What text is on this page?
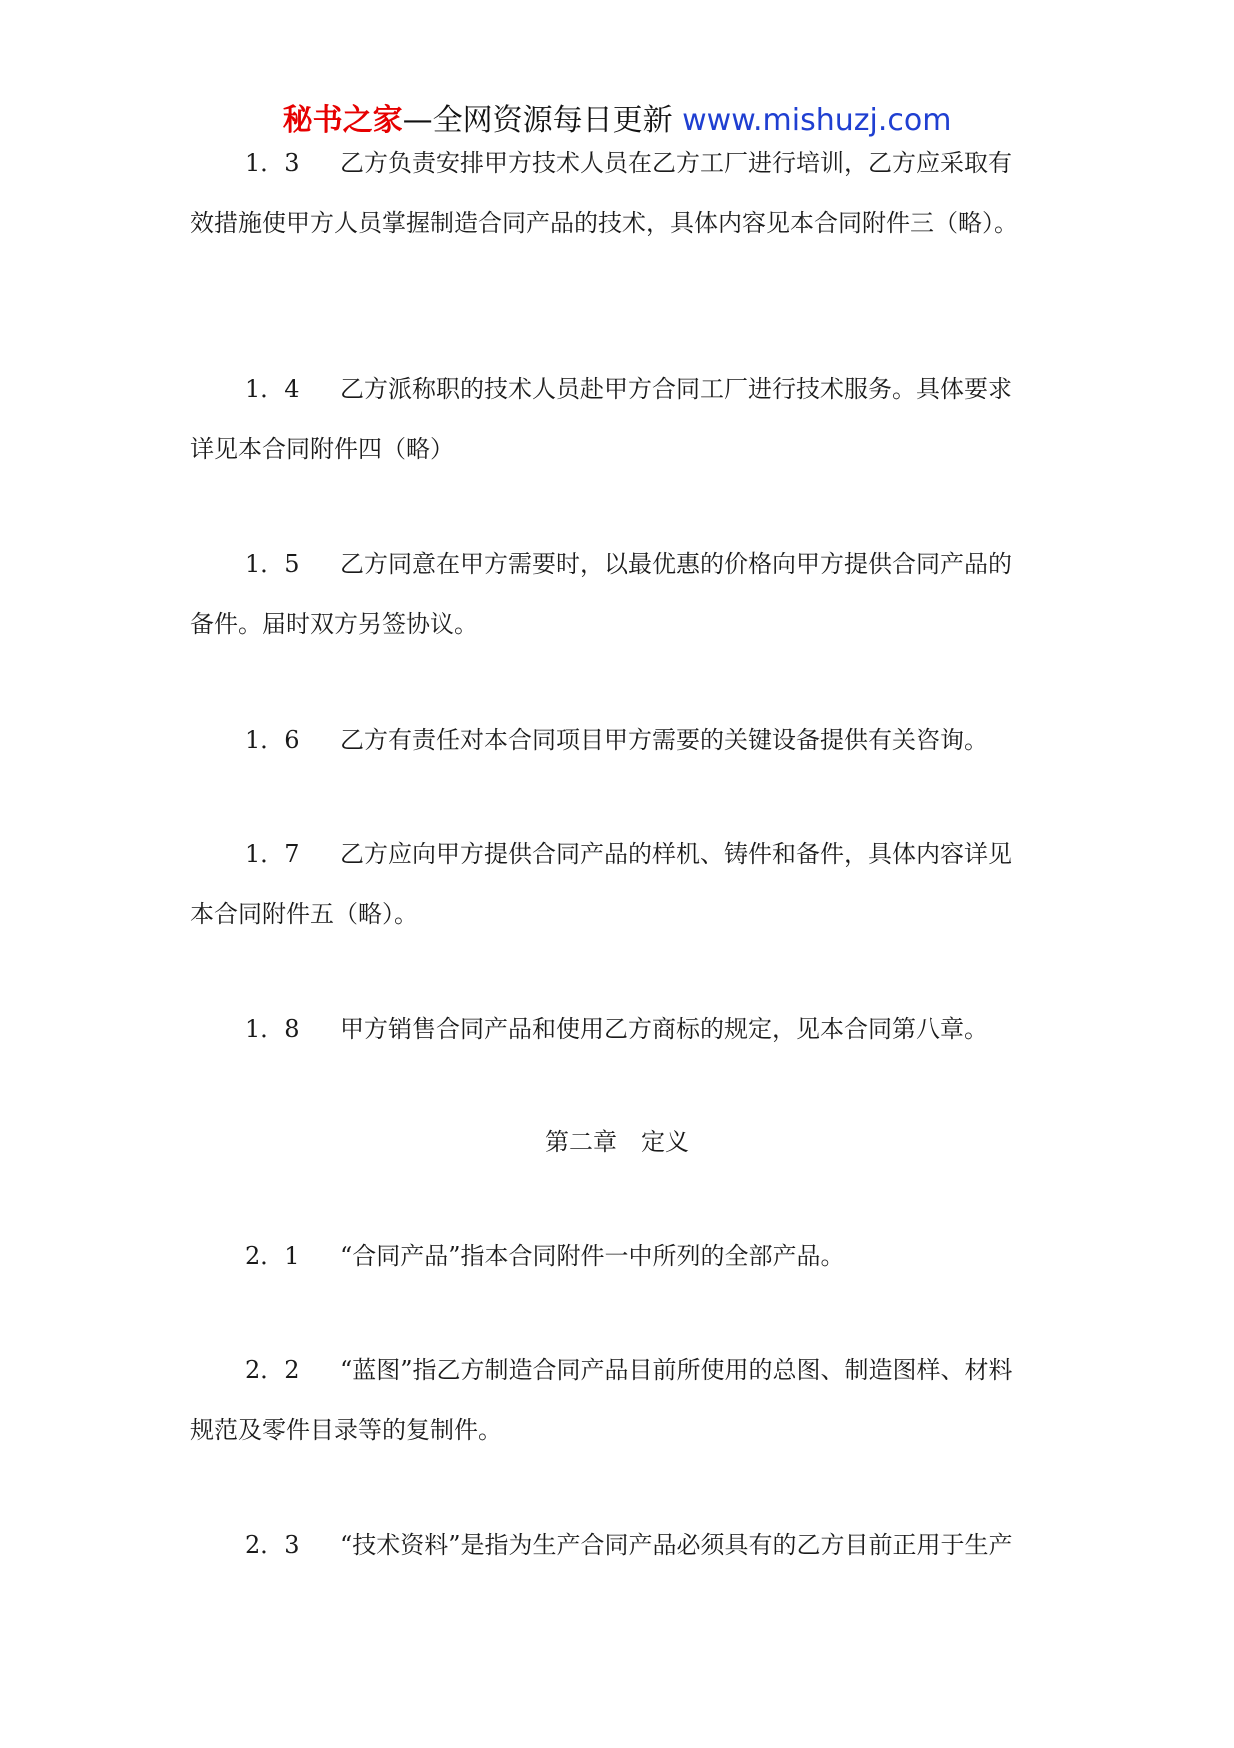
秘书之家—全网资源每日更新 www.mishuzj.com
1．3 乙方负责安排甲方技术人员在乙方工厂进行培训，乙方应采取有
效措施使甲方人员掌握制造合同产品的技术，具体内容见本合同附件三（略）。
1．4 乙方派称职的技术人员赴甲方合同工厂进行技术服务。具体要求
详见本合同附件四（略）
1．5 乙方同意在甲方需要时，以最优惠的价格向甲方提供合同产品的
备件。届时双方另签协议。
1．6 乙方有责任对本合同项目甲方需要的关键设备提供有关咨询。
1．7 乙方应向甲方提供合同产品的样机、铸件和备件，具体内容详见
本合同附件五（略）。
1．8 甲方销售合同产品和使用乙方商标的规定，见本合同第八章。
第二章　定义
2．1 “合同产品”指本合同附件一中所列的全部产品。
2．2 “蓝图”指乙方制造合同产品目前所使用的总图、制造图样、材料
规范及零件目录等的复制件。
2．3 “技术资料”是指为生产合同产品必须具有的乙方目前正用于生产
